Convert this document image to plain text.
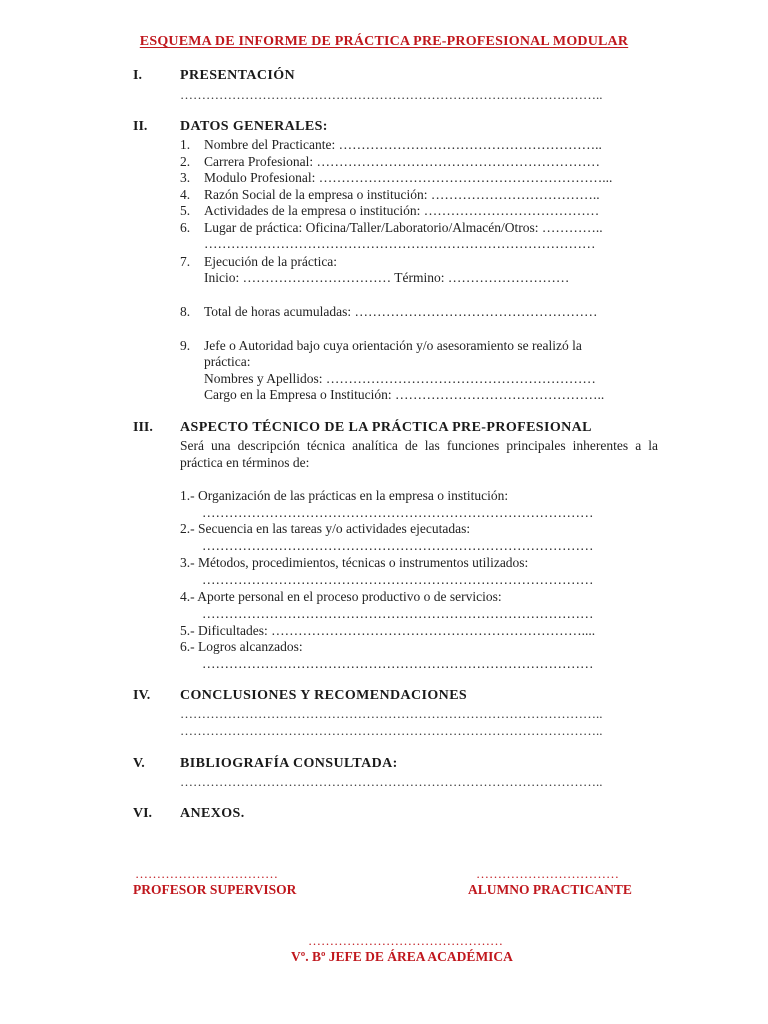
ESQUEMA DE INFORME DE PRÁCTICA PRE-PROFESIONAL MODULAR
I.	PRESENTACIÓN
……………………………………………………………………………………..
II. DATOS GENERALES:
1. Nombre del Practicante: …………………………………………………..
2. Carrera Profesional: ………………………………………………………
3. Modulo Profesional: ………………………………………………………...
4. Razón Social de la empresa o institución: ………………………………..
5. Actividades de la empresa o institución: …………………………………
6. Lugar de práctica: Oficina/Taller/Laboratorio/Almacén/Otros: …………..
……………………………………………………………………………
7. Ejecución de la práctica:
Inicio: …………………………… Término: ………………………
8. Total de horas acumuladas: ………………………………………………
9. Jefe o Autoridad bajo cuya orientación y/o asesoramiento se realizó la
práctica:
Nombres y Apellidos: ……………………………………………………
Cargo en la Empresa o Institución: ………………………………………..
III. ASPECTO TÉCNICO DE LA PRÁCTICA PRE-PROFESIONAL
Será una descripción técnica analítica de las funciones principales inherentes a la práctica en términos de:
1.- Organización de las prácticas en la empresa o institución:
……………………………………………………………………………
2.- Secuencia en las tareas y/o actividades ejecutadas:
……………………………………………………………………………
3.- Métodos, procedimientos, técnicas o instrumentos utilizados:
……………………………………………………………………………
4.- Aporte personal en el proceso productivo o de servicios:
……………………………………………………………………………
5.- Dificultades: ……………………………………………………………....
6.- Logros alcanzados:
……………………………………………………………………………
IV. CONCLUSIONES Y RECOMENDACIONES
……………………………………………………………………………………..
……………………………………………………………………………………..
V.	BIBLIOGRAFÍA CONSULTADA:
……………………………………………………………………………………..
VI. ANEXOS.
……………………………
PROFESOR SUPERVISOR
……………………………
ALUMNO PRACTICANTE
………………………………………
Vº. Bº JEFE DE ÁREA ACADÉMICA
